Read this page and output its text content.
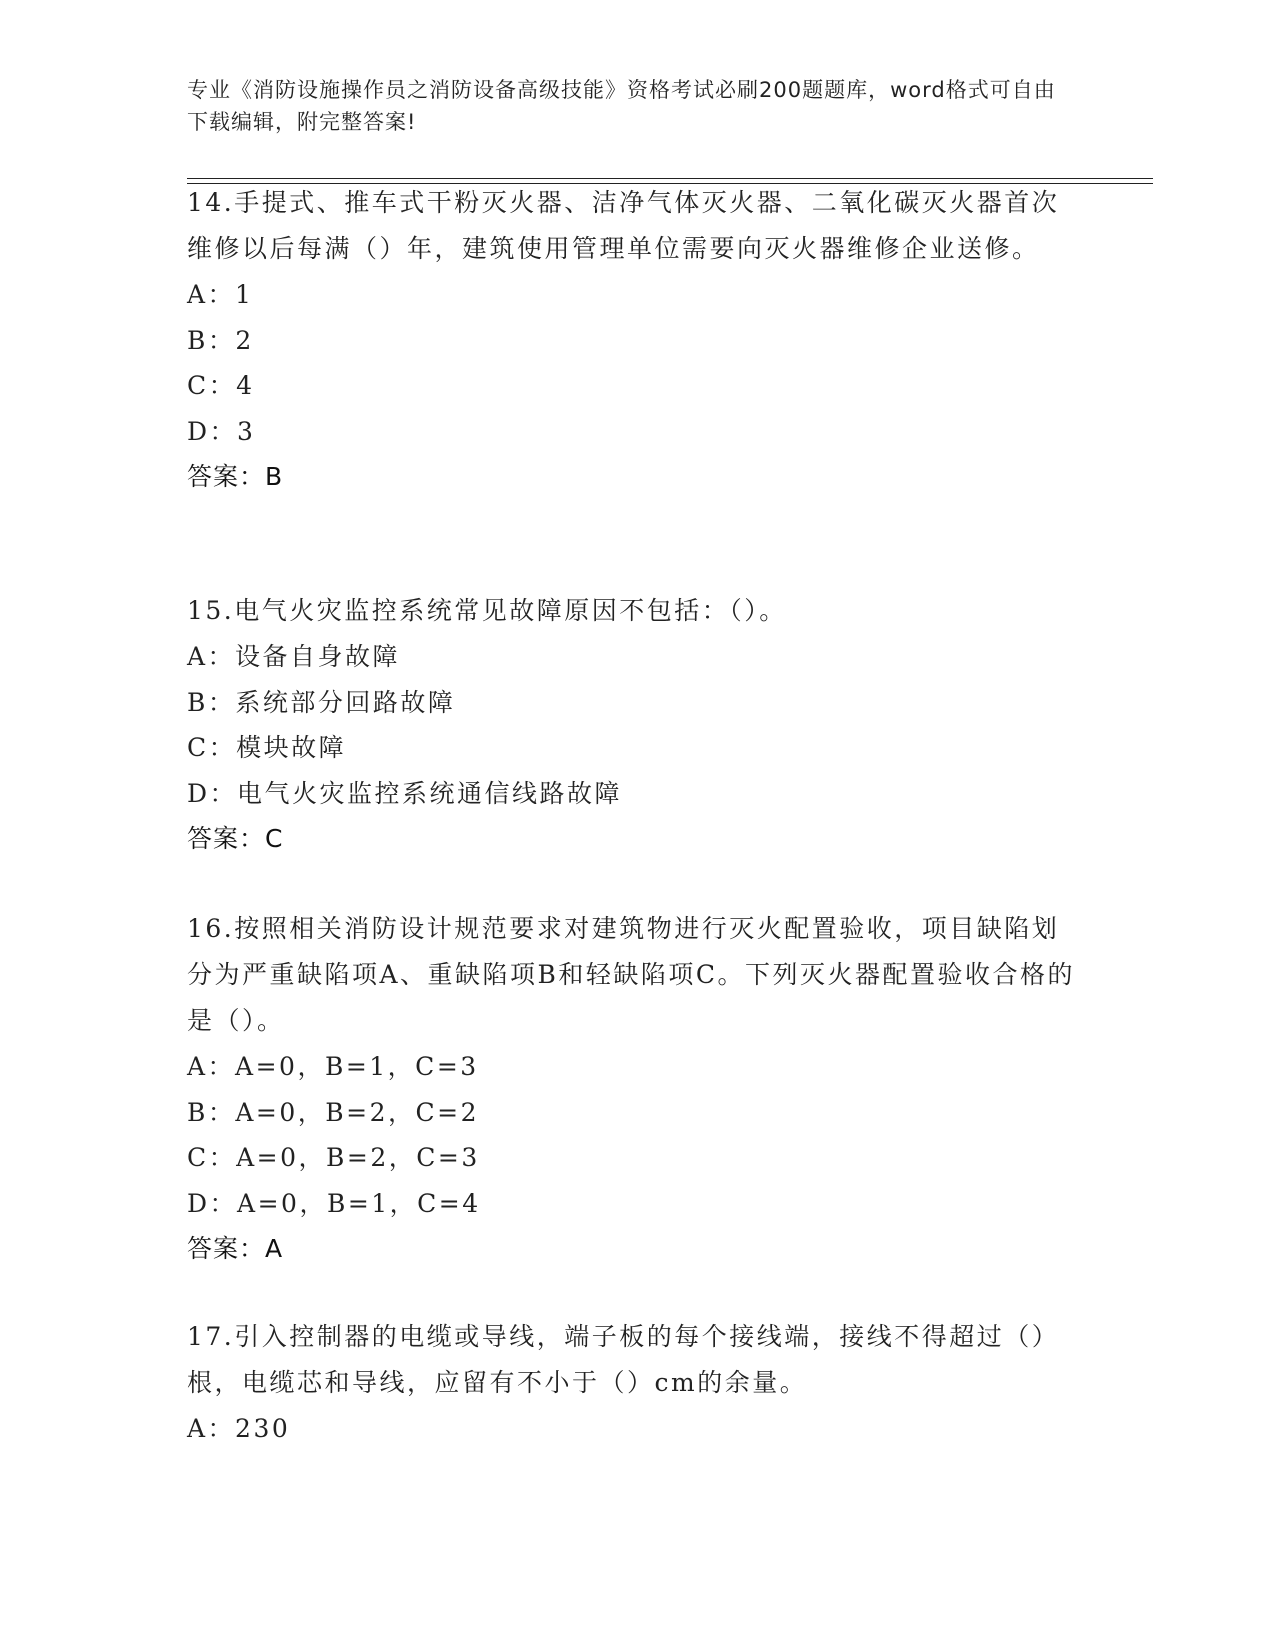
专业《消防设施操作员之消防设备高级技能》资格考试必刷200题题库，word格式可自由下载编辑，附完整答案!
14.手提式、推车式干粉灭火器、洁净气体灭火器、二氧化碳灭火器首次维修以后每满（）年，建筑使用管理单位需要向灭火器维修企业送修。
A：1
B：2
C：4
D：3
答案：B
15.电气火灾监控系统常见故障原因不包括：（）。
A：设备自身故障
B：系统部分回路故障
C：模块故障
D：电气火灾监控系统通信线路故障
答案：C
16.按照相关消防设计规范要求对建筑物进行灭火配置验收，项目缺陷划分为严重缺陷项A、重缺陷项B和轻缺陷项C。下列灭火器配置验收合格的是（）。
A：A=0，B=1，C=3
B：A=0，B=2，C=2
C：A=0，B=2，C=3
D：A=0，B=1，C=4
答案：A
17.引入控制器的电缆或导线，端子板的每个接线端，接线不得超过（）根，电缆芯和导线，应留有不小于（）cm的余量。
A：230
